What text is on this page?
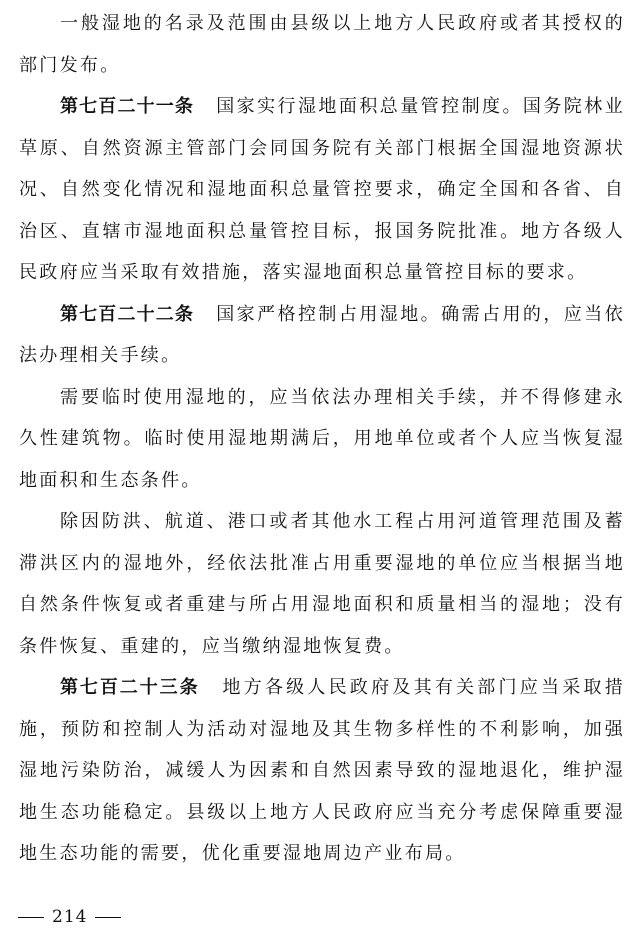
一般湿地的名录及范围由县级以上地方人民政府或者其授权的部门发布。

第七百二十一条 国家实行湿地面积总量管控制度。国务院林业草原、自然资源主管部门会同国务院有关部门根据全国湿地资源状况、自然变化情况和湿地面积总量管控要求，确定全国和各省、自治区、直辖市湿地面积总量管控目标，报国务院批准。地方各级人民政府应当采取有效措施，落实湿地面积总量管控目标的要求。

第七百二十二条 国家严格控制占用湿地。确需占用的，应当依法办理相关手续。

需要临时使用湿地的，应当依法办理相关手续，并不得修建永久性建筑物。临时使用湿地期满后，用地单位或者个人应当恢复湿地面积和生态条件。

除因防洪、航道、港口或者其他水工程占用河道管理范围及蓄滞洪区内的湿地外，经依法批准占用重要湿地的单位应当根据当地自然条件恢复或者重建与所占用湿地面积和质量相当的湿地；没有条件恢复、重建的，应当缴纳湿地恢复费。

第七百二十三条 地方各级人民政府及其有关部门应当采取措施，预防和控制人为活动对湿地及其生物多样性的不利影响，加强湿地污染防治，减缓人为因素和自然因素导致的湿地退化，维护湿地生态功能稳定。县级以上地方人民政府应当充分考虑保障重要湿地生态功能的需要，优化重要湿地周边产业布局。

214
